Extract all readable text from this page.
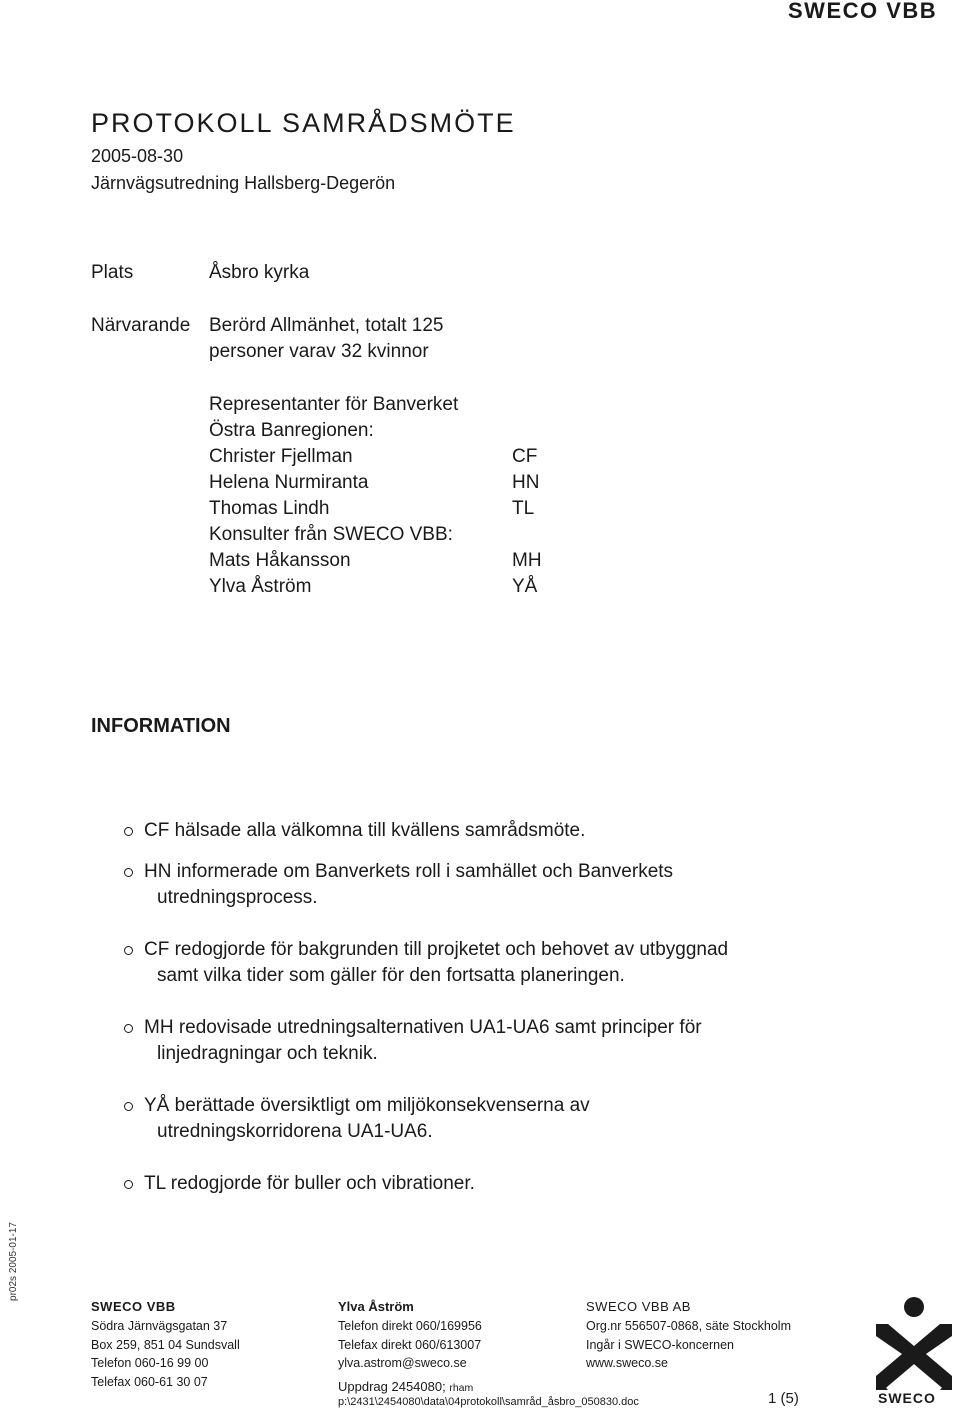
SWECO VBB
PROTOKOLL SAMRÅDSMÖTE
2005-08-30
Järnvägsutredning Hallsberg-Degerön
Plats	Åsbro kyrka
Närvarande Berörd Allmänhet, totalt 125
personer varav 32 kvinnor
Representanter för Banverket
Östra Banregionen:
Christer Fjellman	CF
Helena Nurmiranta	HN
Thomas Lindh	TL
Konsulter från SWECO VBB:
Mats Håkansson	MH
Ylva Åström	YÅ
INFORMATION
CF hälsade alla välkomna till kvällens samrådsmöte.
HN informerade om Banverkets roll i samhället och Banverkets
utredningsprocess.
CF redogjorde för bakgrunden till projketet och behovet av utbyggnad
samt vilka tider som gäller för den fortsatta planeringen.
MH redovisade utredningsalternativen UA1-UA6 samt principer för
linjedragningar och teknik.
YÅ berättade översiktligt om miljökonsekvenserna av
utredningskorridorena UA1-UA6.
TL redogjorde för buller och vibrationer.
pr02s 2005-01-17
SWECO VBB
Södra Järnvägsgatan 37
Box 259, 851 04 Sundsvall
Telefon 060-16 99 00
Telefax 060-61 30 07
Ylva Åström
Telefon direkt 060/169956
Telefax direkt 060/613007
ylva.astrom@sweco.se
Uppdrag 2454080; rham
p:\2431\2454080\data\04protokoll\samråd_åsbro_050830.doc
SWECO VBB AB
Org.nr 556507-0868, säte Stockholm
Ingår i SWECO-koncernen
www.sweco.se
1 (5)	SWECO
